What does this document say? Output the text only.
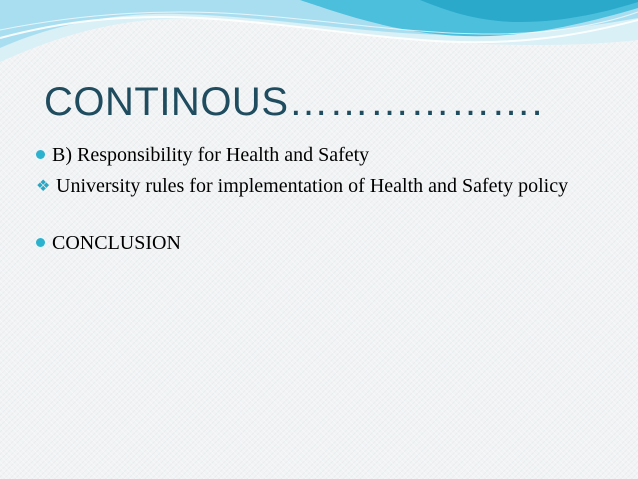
CONTINOUS……………….

B) Responsibility for Health and Safety

❖ University rules for implementation of Health and Safety policy

CONCLUSION
